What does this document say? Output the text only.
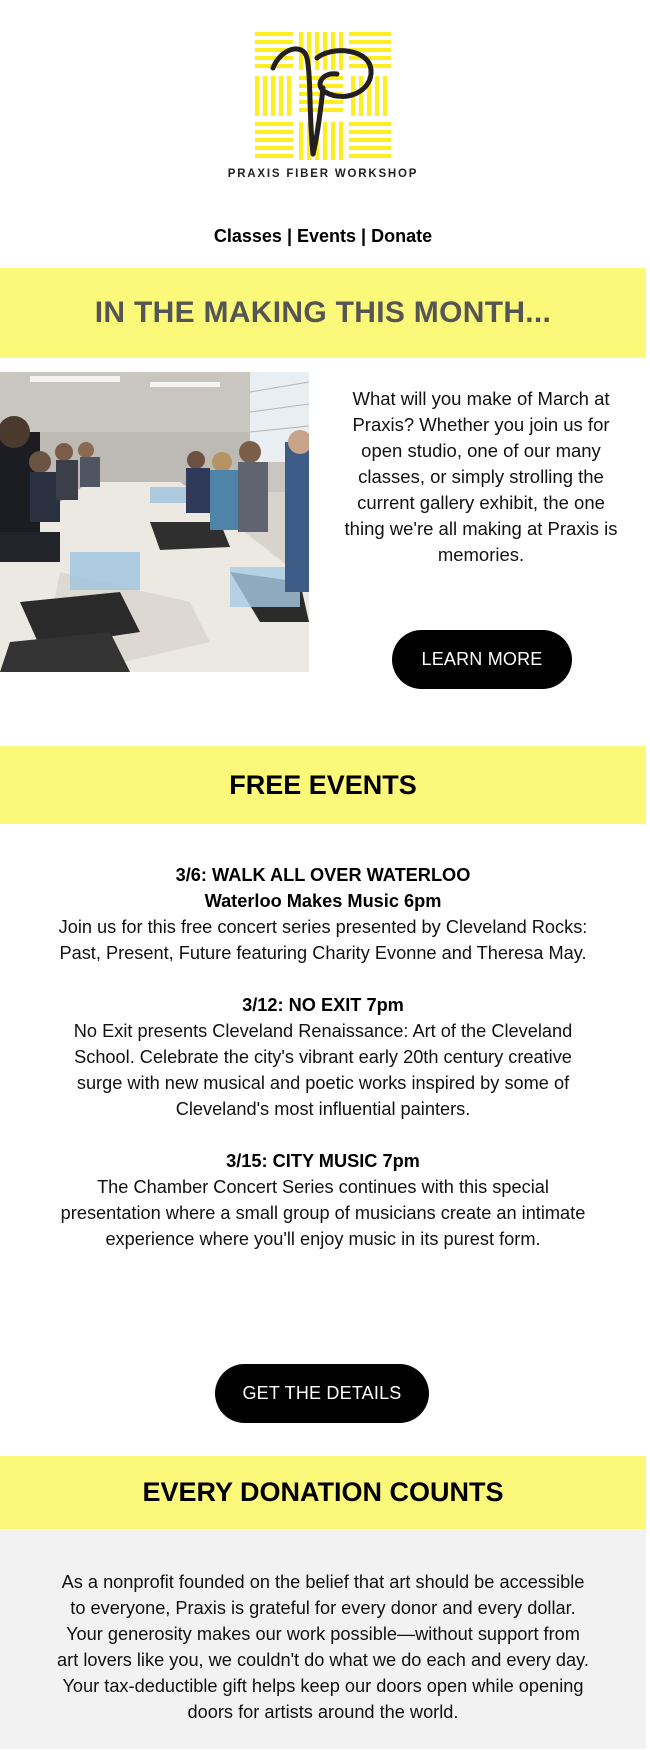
PRAXIS FIBER WORKSHOP
Classes | Events | Donate
IN THE MAKING THIS MONTH...
What will you make of March at Praxis? Whether you join us for open studio, one of our many classes, or simply strolling the current gallery exhibit, the one thing we're all making at Praxis is memories.
LEARN MORE
FREE EVENTS
3/6: WALK ALL OVER WATERLOO
Waterloo Makes Music 6pm
Join us for this free concert series presented by Cleveland Rocks: Past, Present, Future featuring Charity Evonne and Theresa May.
3/12: NO EXIT 7pm
No Exit presents Cleveland Renaissance: Art of the Cleveland School. Celebrate the city's vibrant early 20th century creative surge with new musical and poetic works inspired by some of Cleveland's most influential painters.
3/15: CITY MUSIC 7pm
The Chamber Concert Series continues with this special presentation where a small group of musicians create an intimate experience where you'll enjoy music in its purest form.
GET THE DETAILS
EVERY DONATION COUNTS
As a nonprofit founded on the belief that art should be accessible to everyone, Praxis is grateful for every donor and every dollar. Your generosity makes our work possible—without support from art lovers like you, we couldn't do what we do each and every day. Your tax-deductible gift helps keep our doors open while opening doors for artists around the world.
